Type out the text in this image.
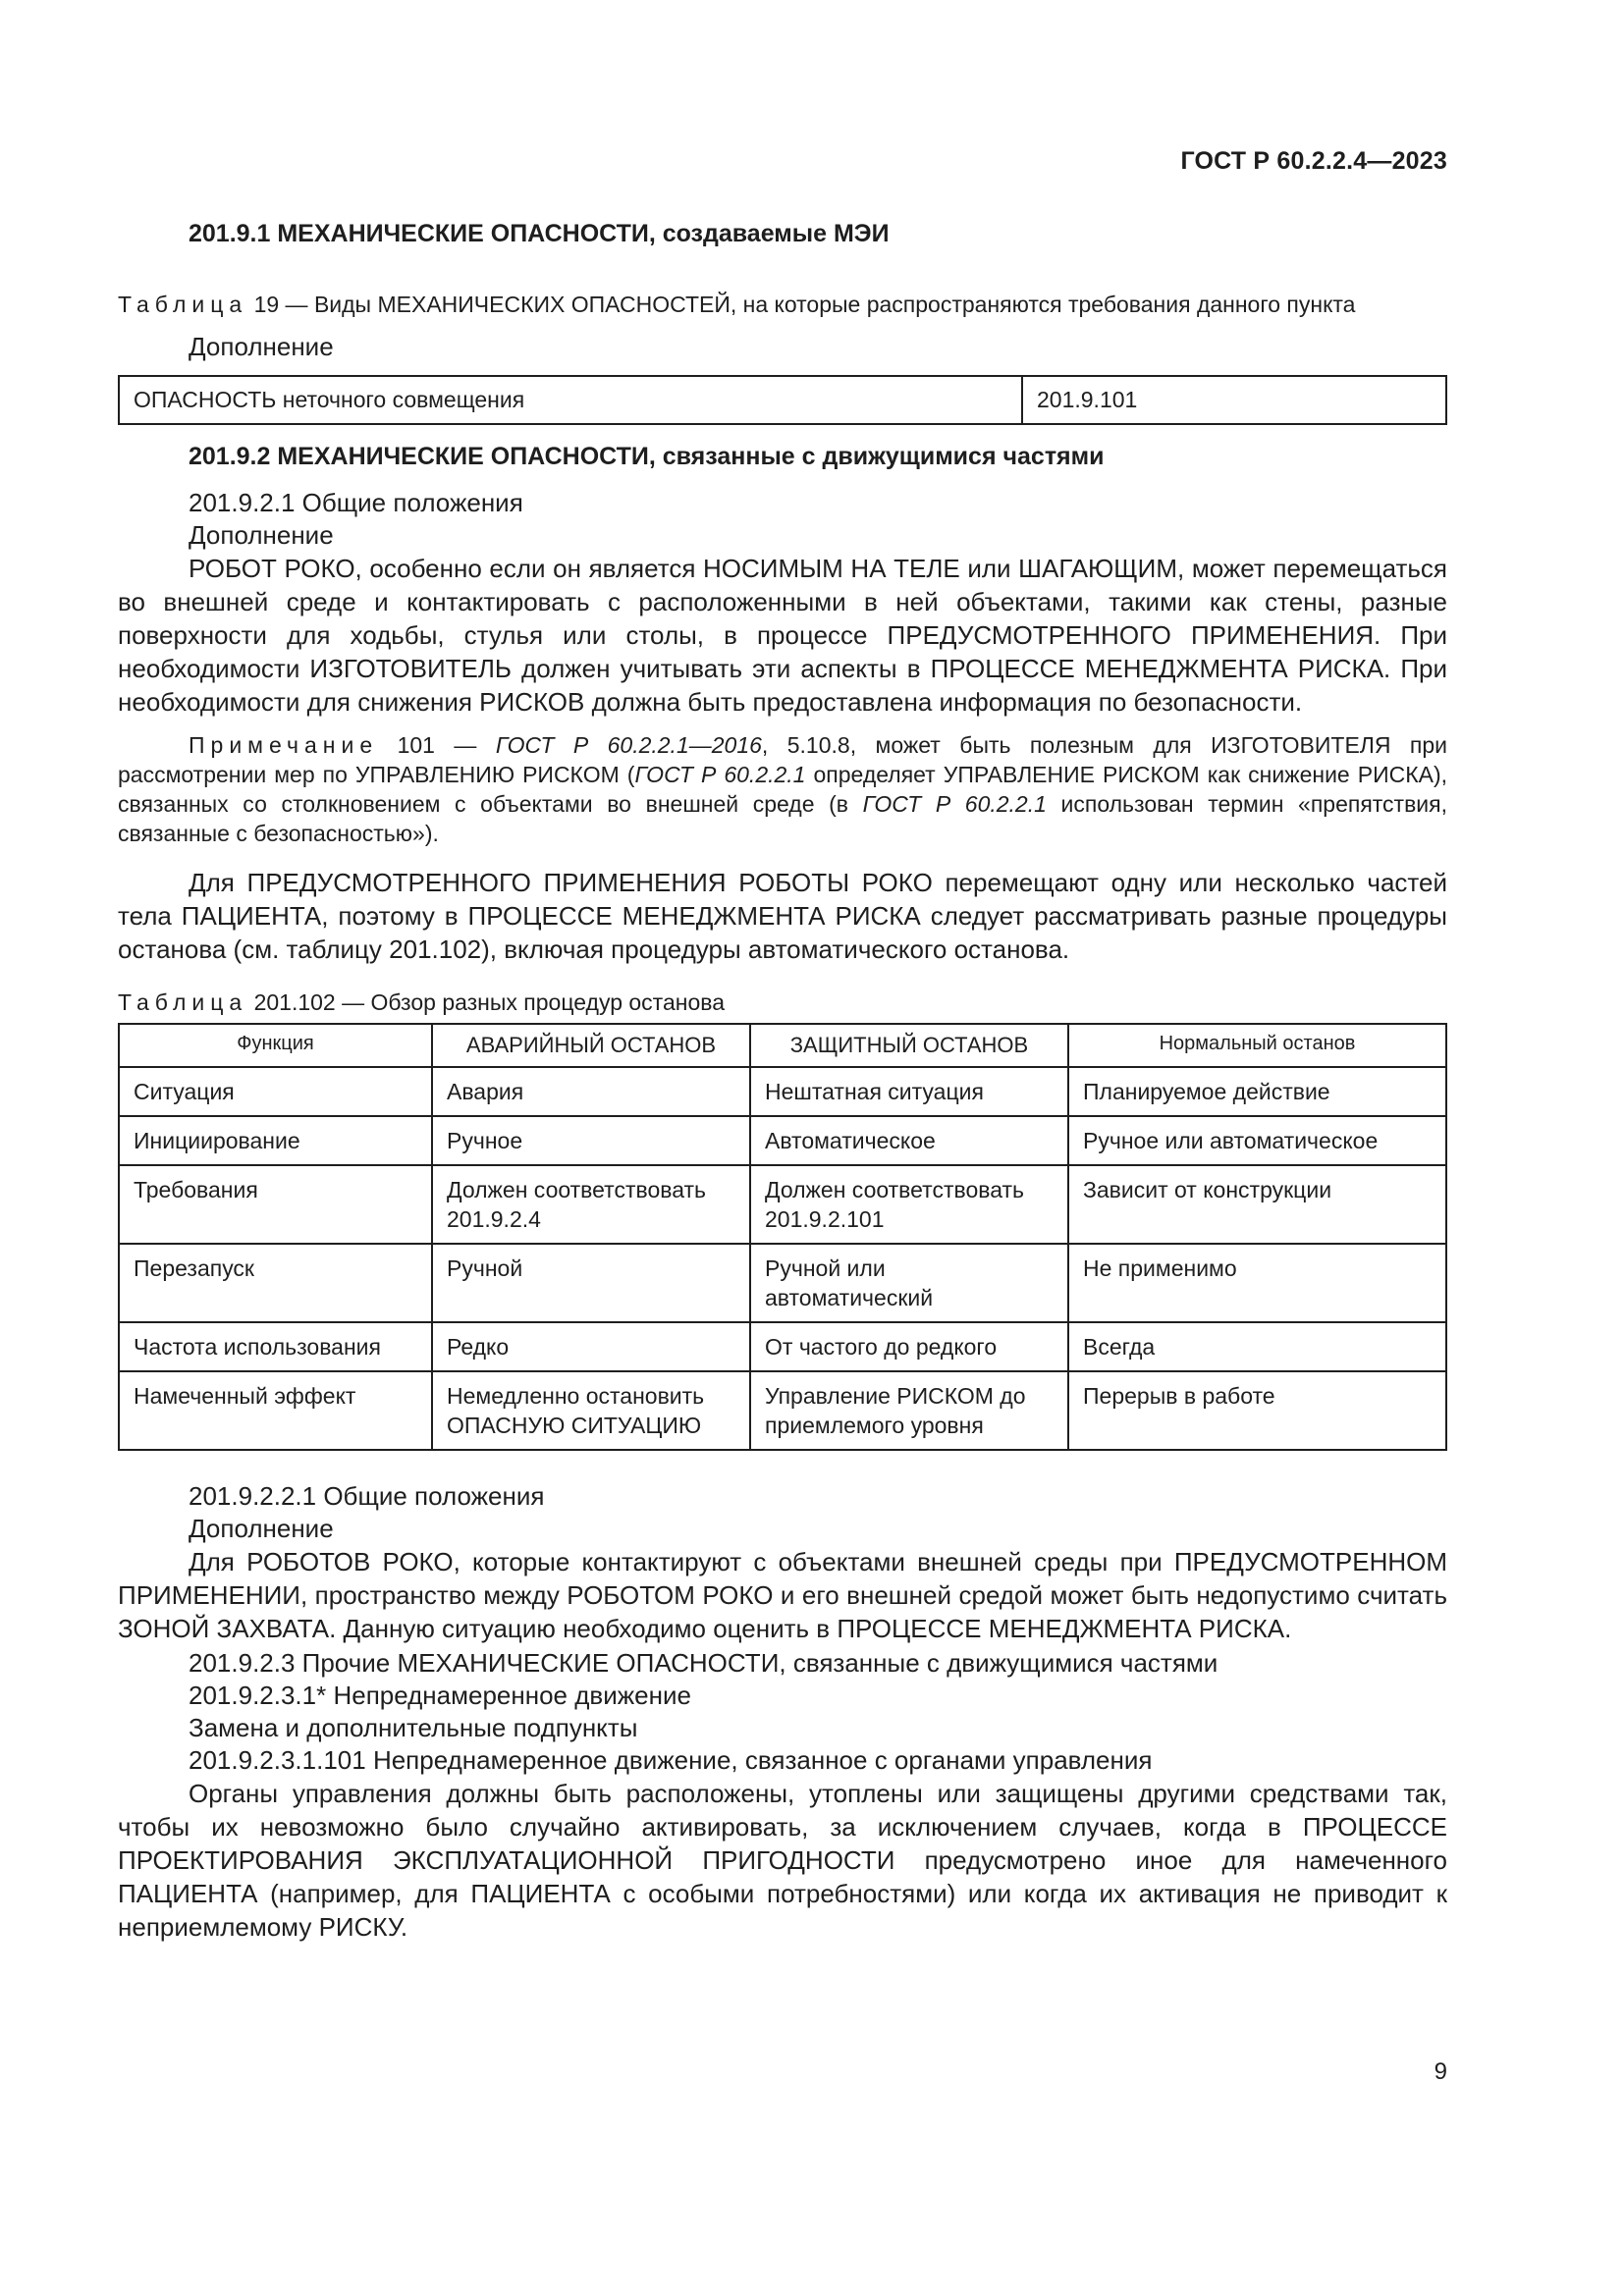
ГОСТ Р 60.2.2.4—2023

201.9.1 МЕХАНИЧЕСКИЕ ОПАСНОСТИ, создаваемые МЭИ

Таблица 19 — Виды МЕХАНИЧЕСКИХ ОПАСНОСТЕЙ, на которые распространяются требования данного пункта

Дополнение

ОПАСНОСТЬ неточного совмещения	201.9.101

201.9.2 МЕХАНИЧЕСКИЕ ОПАСНОСТИ, связанные с движущимися частями

201.9.2.1 Общие положения

Дополнение

РОБОТ РОКО, особенно если он является НОСИМЫМ НА ТЕЛЕ или ШАГАЮЩИМ, может перемещаться во внешней среде и контактировать с расположенными в ней объектами, такими как стены, разные поверхности для ходьбы, стулья или столы, в процессе ПРЕДУСМОТРЕННОГО ПРИМЕНЕНИЯ. При необходимости ИЗГОТОВИТЕЛЬ должен учитывать эти аспекты в ПРОЦЕССЕ МЕНЕДЖМЕНТА РИСКА. При необходимости для снижения РИСКОВ должна быть предоставлена информация по безопасности.

Примечание 101 — ГОСТ Р 60.2.2.1—2016, 5.10.8, может быть полезным для ИЗГОТОВИТЕЛЯ при рассмотрении мер по УПРАВЛЕНИЮ РИСКОМ (ГОСТ Р 60.2.2.1 определяет УПРАВЛЕНИЕ РИСКОМ как снижение РИСКА), связанных со столкновением с объектами во внешней среде (в ГОСТ Р 60.2.2.1 использован термин «препятствия, связанные с безопасностью»).

Для ПРЕДУСМОТРЕННОГО ПРИМЕНЕНИЯ РОБОТЫ РОКО перемещают одну или несколько частей тела ПАЦИЕНТА, поэтому в ПРОЦЕССЕ МЕНЕДЖМЕНТА РИСКА следует рассматривать разные процедуры останова (см. таблицу 201.102), включая процедуры автоматического останова.

Таблица 201.102 — Обзор разных процедур останова

Функция	АВАРИЙНЫЙ ОСТАНОВ	ЗАЩИТНЫЙ ОСТАНОВ	Нормальный останов
Ситуация	Авария	Нештатная ситуация	Планируемое действие
Инициирование	Ручное	Автоматическое	Ручное или автоматическое
Требования	Должен соответствовать 201.9.2.4	Должен соответствовать 201.9.2.101	Зависит от конструкции
Перезапуск	Ручной	Ручной или автоматический	Не применимо
Частота использования	Редко	От частого до редкого	Всегда
Намеченный эффект	Немедленно остановить ОПАСНУЮ СИТУАЦИЮ	Управление РИСКОМ до приемлемого уровня	Перерыв в работе

201.9.2.2.1 Общие положения

Дополнение

Для РОБОТОВ РОКО, которые контактируют с объектами внешней среды при ПРЕДУСМОТРЕННОМ ПРИМЕНЕНИИ, пространство между РОБОТОМ РОКО и его внешней средой может быть недопустимо считать ЗОНОЙ ЗАХВАТА. Данную ситуацию необходимо оценить в ПРОЦЕССЕ МЕНЕДЖМЕНТА РИСКА.

201.9.2.3 Прочие МЕХАНИЧЕСКИЕ ОПАСНОСТИ, связанные с движущимися частями

201.9.2.3.1* Непреднамеренное движение

Замена и дополнительные подпункты

201.9.2.3.1.101 Непреднамеренное движение, связанное с органами управления

Органы управления должны быть расположены, утоплены или защищены другими средствами так, чтобы их невозможно было случайно активировать, за исключением случаев, когда в ПРОЦЕССЕ ПРОЕКТИРОВАНИЯ ЭКСПЛУАТАЦИОННОЙ ПРИГОДНОСТИ предусмотрено иное для намеченного ПАЦИЕНТА (например, для ПАЦИЕНТА с особыми потребностями) или когда их активация не приводит к неприемлемому РИСКУ.

9
